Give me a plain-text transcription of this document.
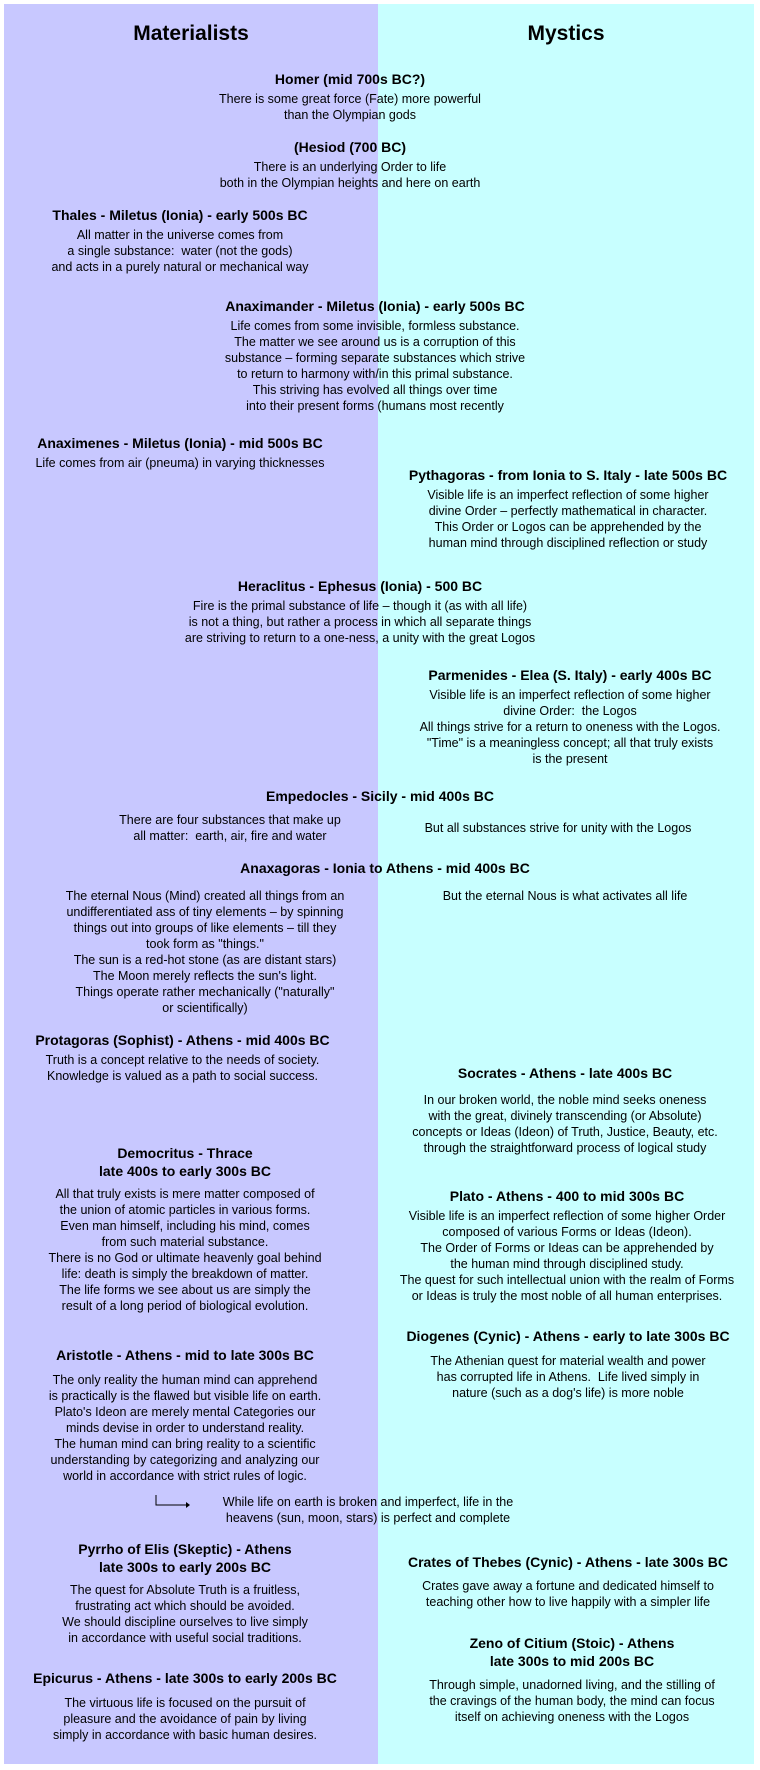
Materialists	Mystics
Homer (mid 700s BC?)
There is some great force (Fate) more powerful
than the Olympian gods
(Hesiod (700 BC)
There is an underlying Order to life
both in the Olympian heights and here on earth
Thales - Miletus (Ionia) - early 500s BC
All matter in the universe comes from
a single substance:  water (not the gods)
and acts in a purely natural or mechanical way
Anaximander - Miletus (Ionia) - early 500s BC
Life comes from some invisible, formless substance.
The matter we see around us is a corruption of this
substance – forming separate substances which strive
to return to harmony with/in this primal substance.
This striving has evolved all things over time
into their present forms (humans most recently
Anaximenes - Miletus (Ionia) - mid 500s BC
Life comes from air (pneuma) in varying thicknesses
Pythagoras - from Ionia to S. Italy - late 500s BC
Visible life is an imperfect reflection of some higher
divine Order – perfectly mathematical in character.
This Order or Logos can be apprehended by the
human mind through disciplined reflection or study
Heraclitus - Ephesus (Ionia) - 500 BC
Fire is the primal substance of life – though it (as with all life)
is not a thing, but rather a process in which all separate things
are striving to return to a one-ness, a unity with the great Logos
Parmenides - Elea (S. Italy) - early 400s BC
Visible life is an imperfect reflection of some higher
divine Order:  the Logos
All things strive for a return to oneness with the Logos.
"Time" is a meaningless concept; all that truly exists
is the present
Empedocles - Sicily - mid 400s BC
There are four substances that make up
all matter:  earth, air, fire and water
But all substances strive for unity with the Logos
Anaxagoras - Ionia to Athens - mid 400s BC
The eternal Nous (Mind) created all things from an
undifferentiated ass of tiny elements – by spinning
things out into groups of like elements – till they
took form as "things."
The sun is a red-hot stone (as are distant stars)
The Moon merely reflects the sun's light.
Things operate rather mechanically ("naturally"
or scientifically)
But the eternal Nous is what activates all life
Protagoras (Sophist) - Athens - mid 400s BC
Truth is a concept relative to the needs of society.
Knowledge is valued as a path to social success.	Socrates - Athens - late 400s BC
In our broken world, the noble mind seeks oneness
with the great, divinely transcending (or Absolute)
concepts or Ideas (Ideon) of Truth, Justice, Beauty, etc.
through the straightforward process of logical study
Democritus - Thrace
late 400s to early 300s BC
All that truly exists is mere matter composed of
the union of atomic particles in various forms.
Even man himself, including his mind, comes
from such material substance.
There is no God or ultimate heavenly goal behind
life: death is simply the breakdown of matter.
The life forms we see about us are simply the
result of a long period of biological evolution.
Plato - Athens - 400 to mid 300s BC
Visible life is an imperfect reflection of some higher Order
composed of various Forms or Ideas (Ideon).
The Order of Forms or Ideas can be apprehended by
the human mind through disciplined study.
The quest for such intellectual union with the realm of Forms
or Ideas is truly the most noble of all human enterprises.
Diogenes (Cynic) - Athens - early to late 300s BC
The Athenian quest for material wealth and power
has corrupted life in Athens.  Life lived simply in
nature (such as a dog's life) is more noble
Aristotle - Athens - mid to late 300s BC
The only reality the human mind can apprehend
is practically is the flawed but visible life on earth.
Plato's Ideon are merely mental Categories our
minds devise in order to understand reality.
The human mind can bring reality to a scientific
understanding by categorizing and analyzing our
world in accordance with strict rules of logic.
While life on earth is broken and imperfect, life in the
heavens (sun, moon, stars) is perfect and complete
Pyrrho of Elis (Skeptic) - Athens
late 300s to early 200s BC
The quest for Absolute Truth is a fruitless,
frustrating act which should be avoided.
We should discipline ourselves to live simply
in accordance with useful social traditions.
Crates of Thebes (Cynic) - Athens - late 300s BC
Crates gave away a fortune and dedicated himself to
teaching other how to live happily with a simpler life
Zeno of Citium (Stoic) - Athens
late 300s to mid 200s BC
Through simple, unadorned living, and the stilling of
the cravings of the human body, the mind can focus
itself on achieving oneness with the Logos
Epicurus - Athens - late 300s to early 200s BC
The virtuous life is focused on the pursuit of
pleasure and the avoidance of pain by living
simply in accordance with basic human desires.
